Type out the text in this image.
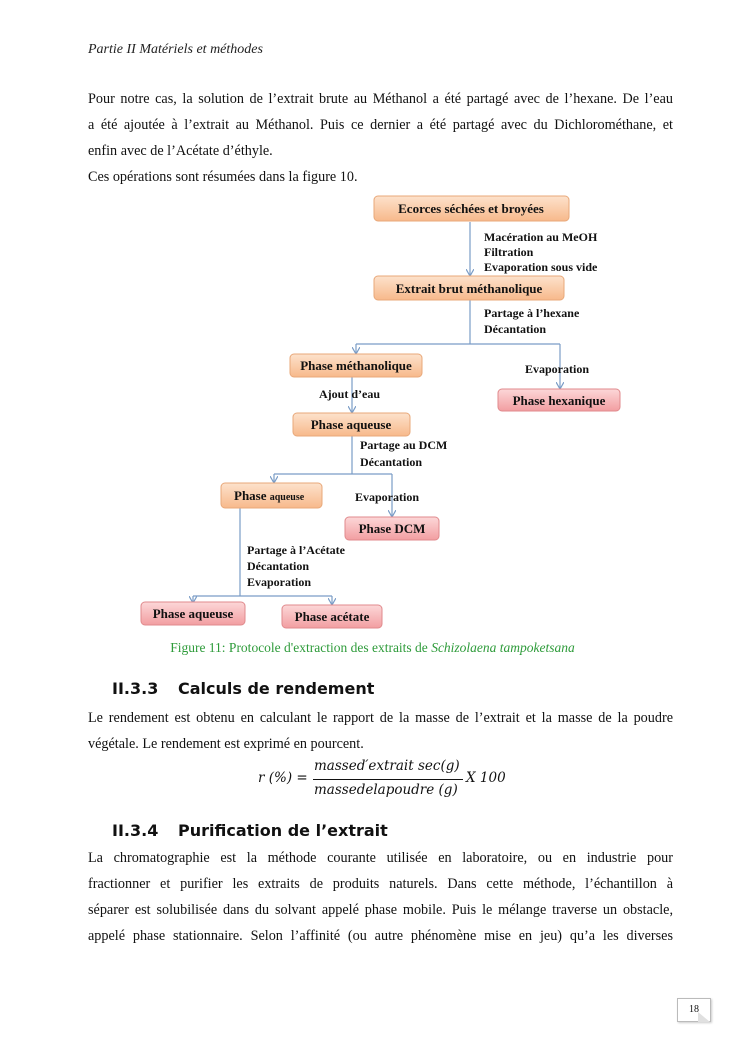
Partie II Matériels et méthodes
Pour notre cas, la solution de l’extrait brute au Méthanol a été partagé avec de l’hexane. De l’eau
a été ajoutée à l’extrait au Méthanol. Puis ce dernier a été partagé avec du Dichlorométhane, et
enfin avec de l’Acétate d’éthyle.
Ces opérations sont résumées dans la figure 10.
Ecorces séchées et broyées
Extrait brut méthanolique
Phase méthanolique
Phase hexanique
Phase aqueuse
Phase aqueuse
Phase DCM
Phase aqueuse	Phase acétate
Macération au MeOH
Filtration
Evaporation sous vide
Partage à l’hexane
Décantation
Evaporation
Ajout d’eau
Partage au DCM
Décantation
Evaporation
Partage à l’Acétate
Décantation
Evaporation
Figure 11: Protocole d'extraction des extraits de Schizolaena tampoketsana
II.3.3 Calculs de rendement
Le rendement est obtenu en calculant le rapport de la masse de l’extrait et la masse de la poudre
végétale. Le rendement est exprimé en pourcent.
r (%) =
massed′extrait sec(g)
massedelapoudre (g)
X 100
II.3.4 Purification de l’extrait
La chromatographie est la méthode courante utilisée en laboratoire, ou en industrie pour
fractionner et purifier les extraits de produits naturels. Dans cette méthode, l’échantillon à
séparer est solubilisée dans du solvant appelé phase mobile. Puis le mélange traverse un obstacle,
appelé phase stationnaire. Selon l’affinité (ou autre phénomène mise en jeu) qu’a les diverses
18
